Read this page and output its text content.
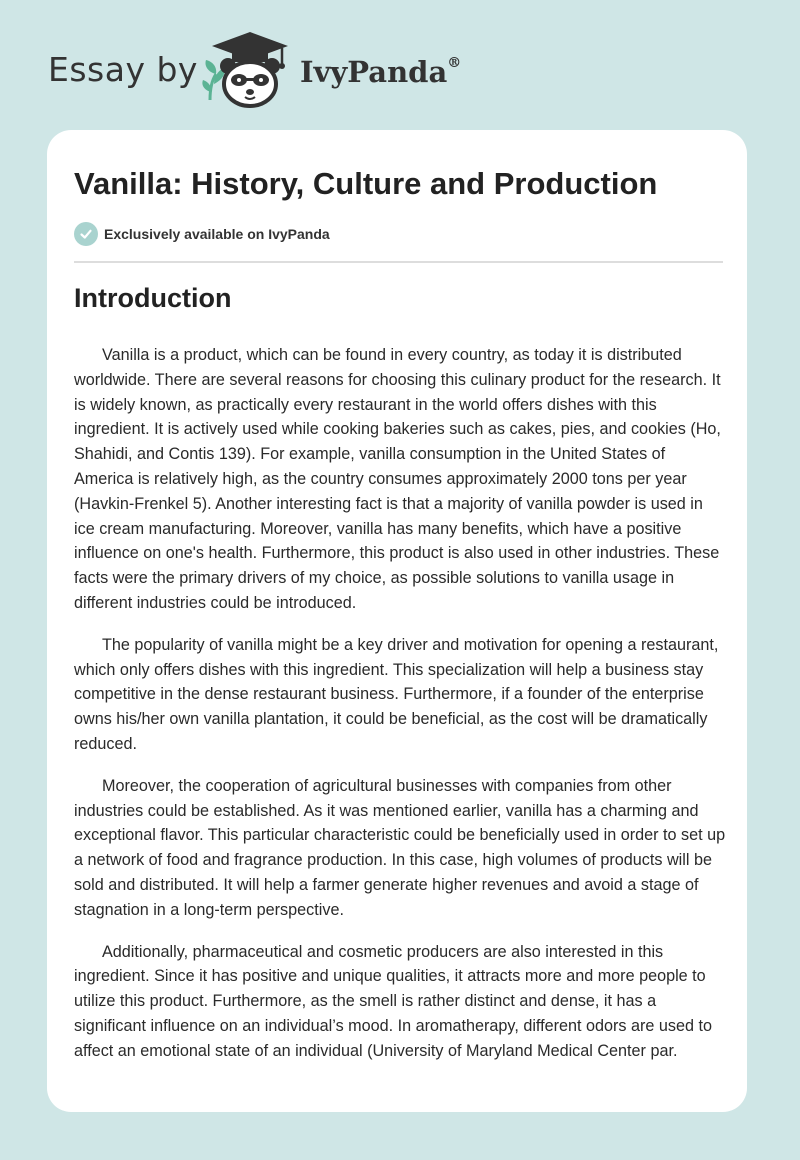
Essay by	IvyPanda®
Vanilla: History, Culture and Production
Exclusively available on IvyPanda
Introduction

Vanilla is a product, which can be found in every country, as today it is distributed worldwide. There are several reasons for choosing this culinary product for the research. It is widely known, as practically every restaurant in the world offers dishes with this ingredient. It is actively used while cooking bakeries such as cakes, pies, and cookies (Ho, Shahidi, and Contis 139). For example, vanilla consumption in the United States of America is relatively high, as the country consumes approximately 2000 tons per year (Havkin-Frenkel 5). Another interesting fact is that a majority of vanilla powder is used in ice cream manufacturing. Moreover, vanilla has many benefits, which have a positive influence on one's health. Furthermore, this product is also used in other industries. These facts were the primary drivers of my choice, as possible solutions to vanilla usage in different industries could be introduced.

The popularity of vanilla might be a key driver and motivation for opening a restaurant, which only offers dishes with this ingredient. This specialization will help a business stay competitive in the dense restaurant business. Furthermore, if a founder of the enterprise owns his/her own vanilla plantation, it could be beneficial, as the cost will be dramatically reduced.

Moreover, the cooperation of agricultural businesses with companies from other industries could be established. As it was mentioned earlier, vanilla has a charming and exceptional flavor. This particular characteristic could be beneficially used in order to set up a network of food and fragrance production. In this case, high volumes of products will be sold and distributed. It will help a farmer generate higher revenues and avoid a stage of stagnation in a long-term perspective.

Additionally, pharmaceutical and cosmetic producers are also interested in this ingredient. Since it has positive and unique qualities, it attracts more and more people to utilize this product. Furthermore, as the smell is rather distinct and dense, it has a significant influence on an individual’s mood. In aromatherapy, different odors are used to affect an emotional state of an individual (University of Maryland Medical Center par.
